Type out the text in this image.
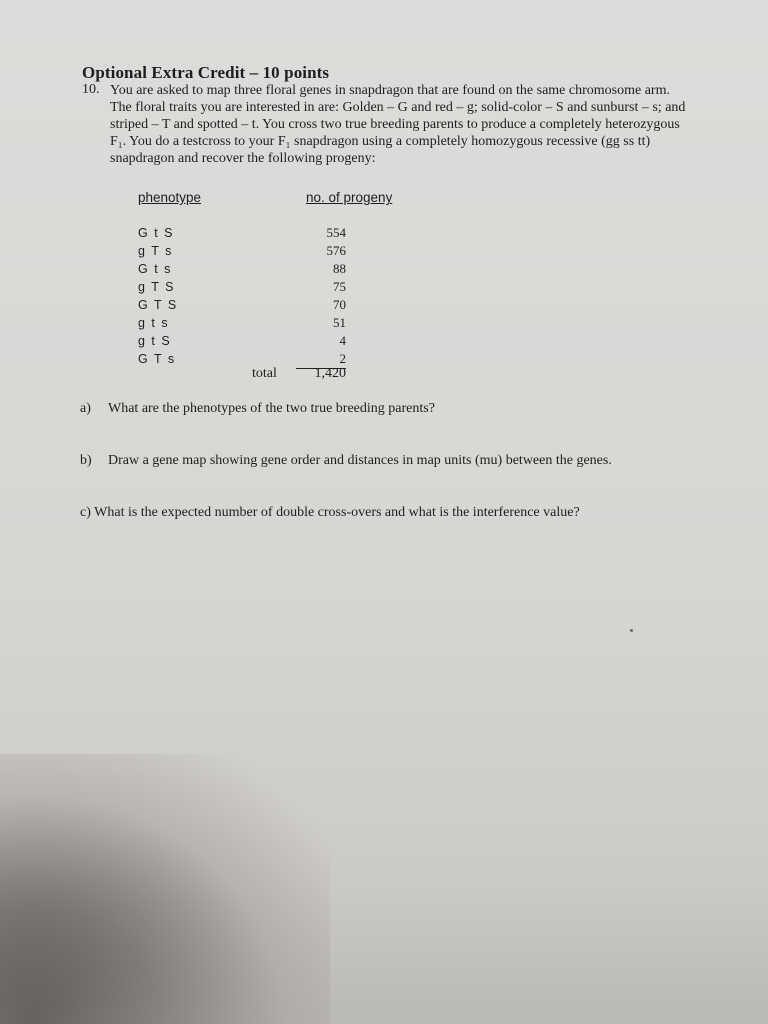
Optional Extra Credit – 10 points
10. You are asked to map three floral genes in snapdragon that are found on the same chromosome arm.
The floral traits you are interested in are: Golden – G and red – g; solid-color – S and sunburst – s; and
striped – T and spotted – t. You cross two true breeding parents to produce a completely heterozygous
F₁. You do a testcross to your F₁ snapdragon using a completely homozygous recessive (gg ss tt)
snapdragon and recover the following progeny:

phenotype	no. of progeny
G t S
g T s
G t s
g T S
G T S
g t s
g t S
G T s
554
576
88
75
70
51
4
2
total	1,420
a) What are the phenotypes of the two true breeding parents?
b) Draw a gene map showing gene order and distances in map units (mu) between the genes.
c) What is the expected number of double cross-overs and what is the interference value?
